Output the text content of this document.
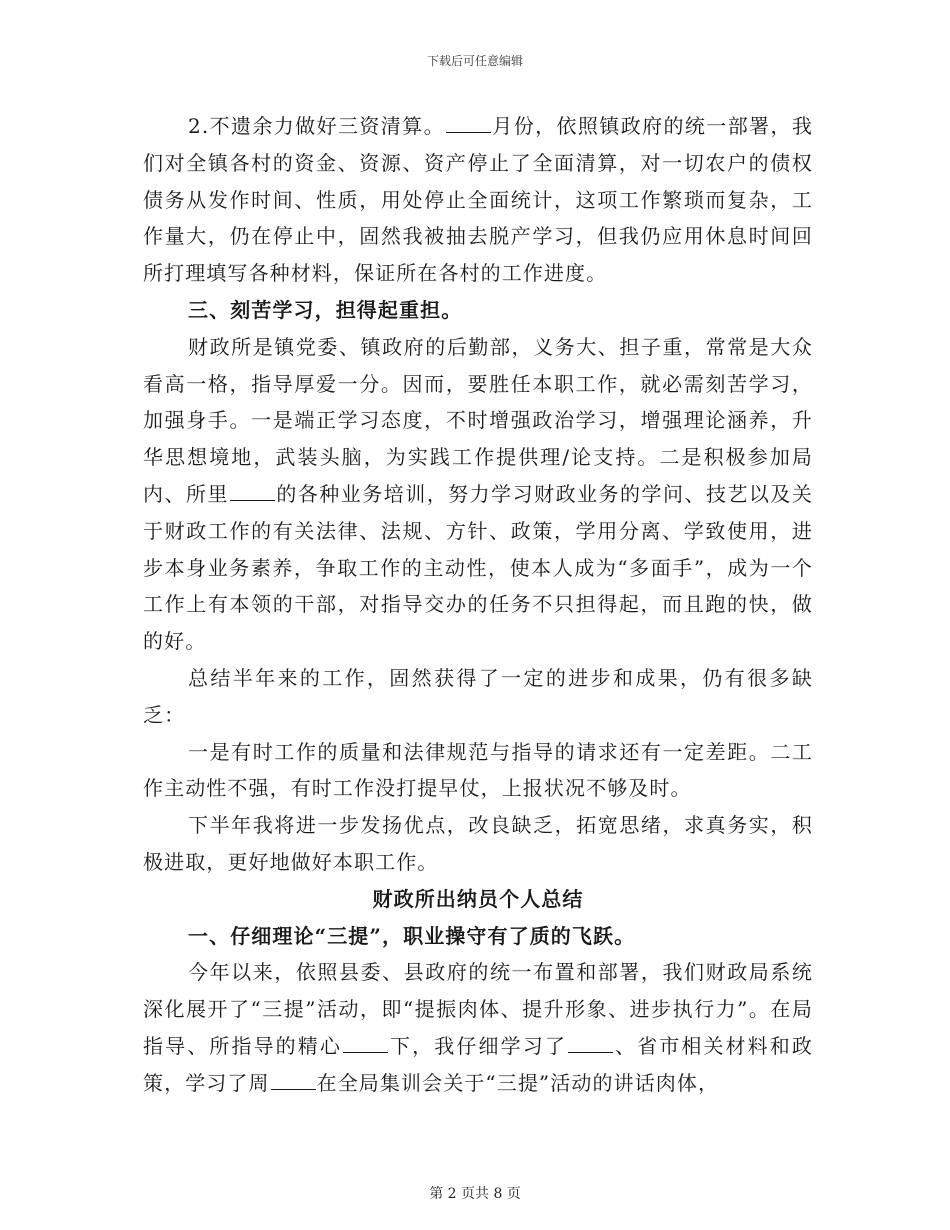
下载后可任意编辑

2.不遗余力做好三资清算。 月份，依照镇政府的统一部署，我们对全镇各村的资金、资源、资产停止了全面清算，对一切农户的债权债务从发作时间、性质，用处停止全面统计，这项工作繁琐而复杂，工作量大，仍在停止中，固然我被抽去脱产学习，但我仍应用休息时间回所打理填写各种材料，保证所在各村的工作进度。

三、刻苦学习，担得起重担。

财政所是镇党委、镇政府的后勤部，义务大、担子重，常常是大众看高一格，指导厚爱一分。因而，要胜任本职工作，就必需刻苦学习，加强身手。一是端正学习态度，不时增强政治学习，增强理论涵养，升华思想境地，武装头脑，为实践工作提供理/论支持。二是积极参加局内、所里 的各种业务培训，努力学习财政业务的学问、技艺以及关于财政工作的有关法律、法规、方针、政策，学用分离、学致使用，进步本身业务素养，争取工作的主动性，使本人成为“多面手”，成为一个工作上有本领的干部，对指导交办的任务不只担得起，而且跑的快，做的好。

总结半年来的工作，固然获得了一定的进步和成果，仍有很多缺乏：

一是有时工作的质量和法律规范与指导的请求还有一定差距。二工作主动性不强，有时工作没打提早仗，上报状况不够及时。

下半年我将进一步发扬优点，改良缺乏，拓宽思绪，求真务实，积极进取，更好地做好本职工作。

财政所出纳员个人总结

一、仔细理论“三提”，职业操守有了质的飞跃。

今年以来，依照县委、县政府的统一布置和部署，我们财政局系统深化展开了“三提”活动，即“提振肉体、提升形象、进步执行力”。在局指导、所指导的精心 下，我仔细学习了 、省市相关材料和政策，学习了周 在全局集训会关于“三提”活动的讲话肉体，

第 2 页共 8 页
